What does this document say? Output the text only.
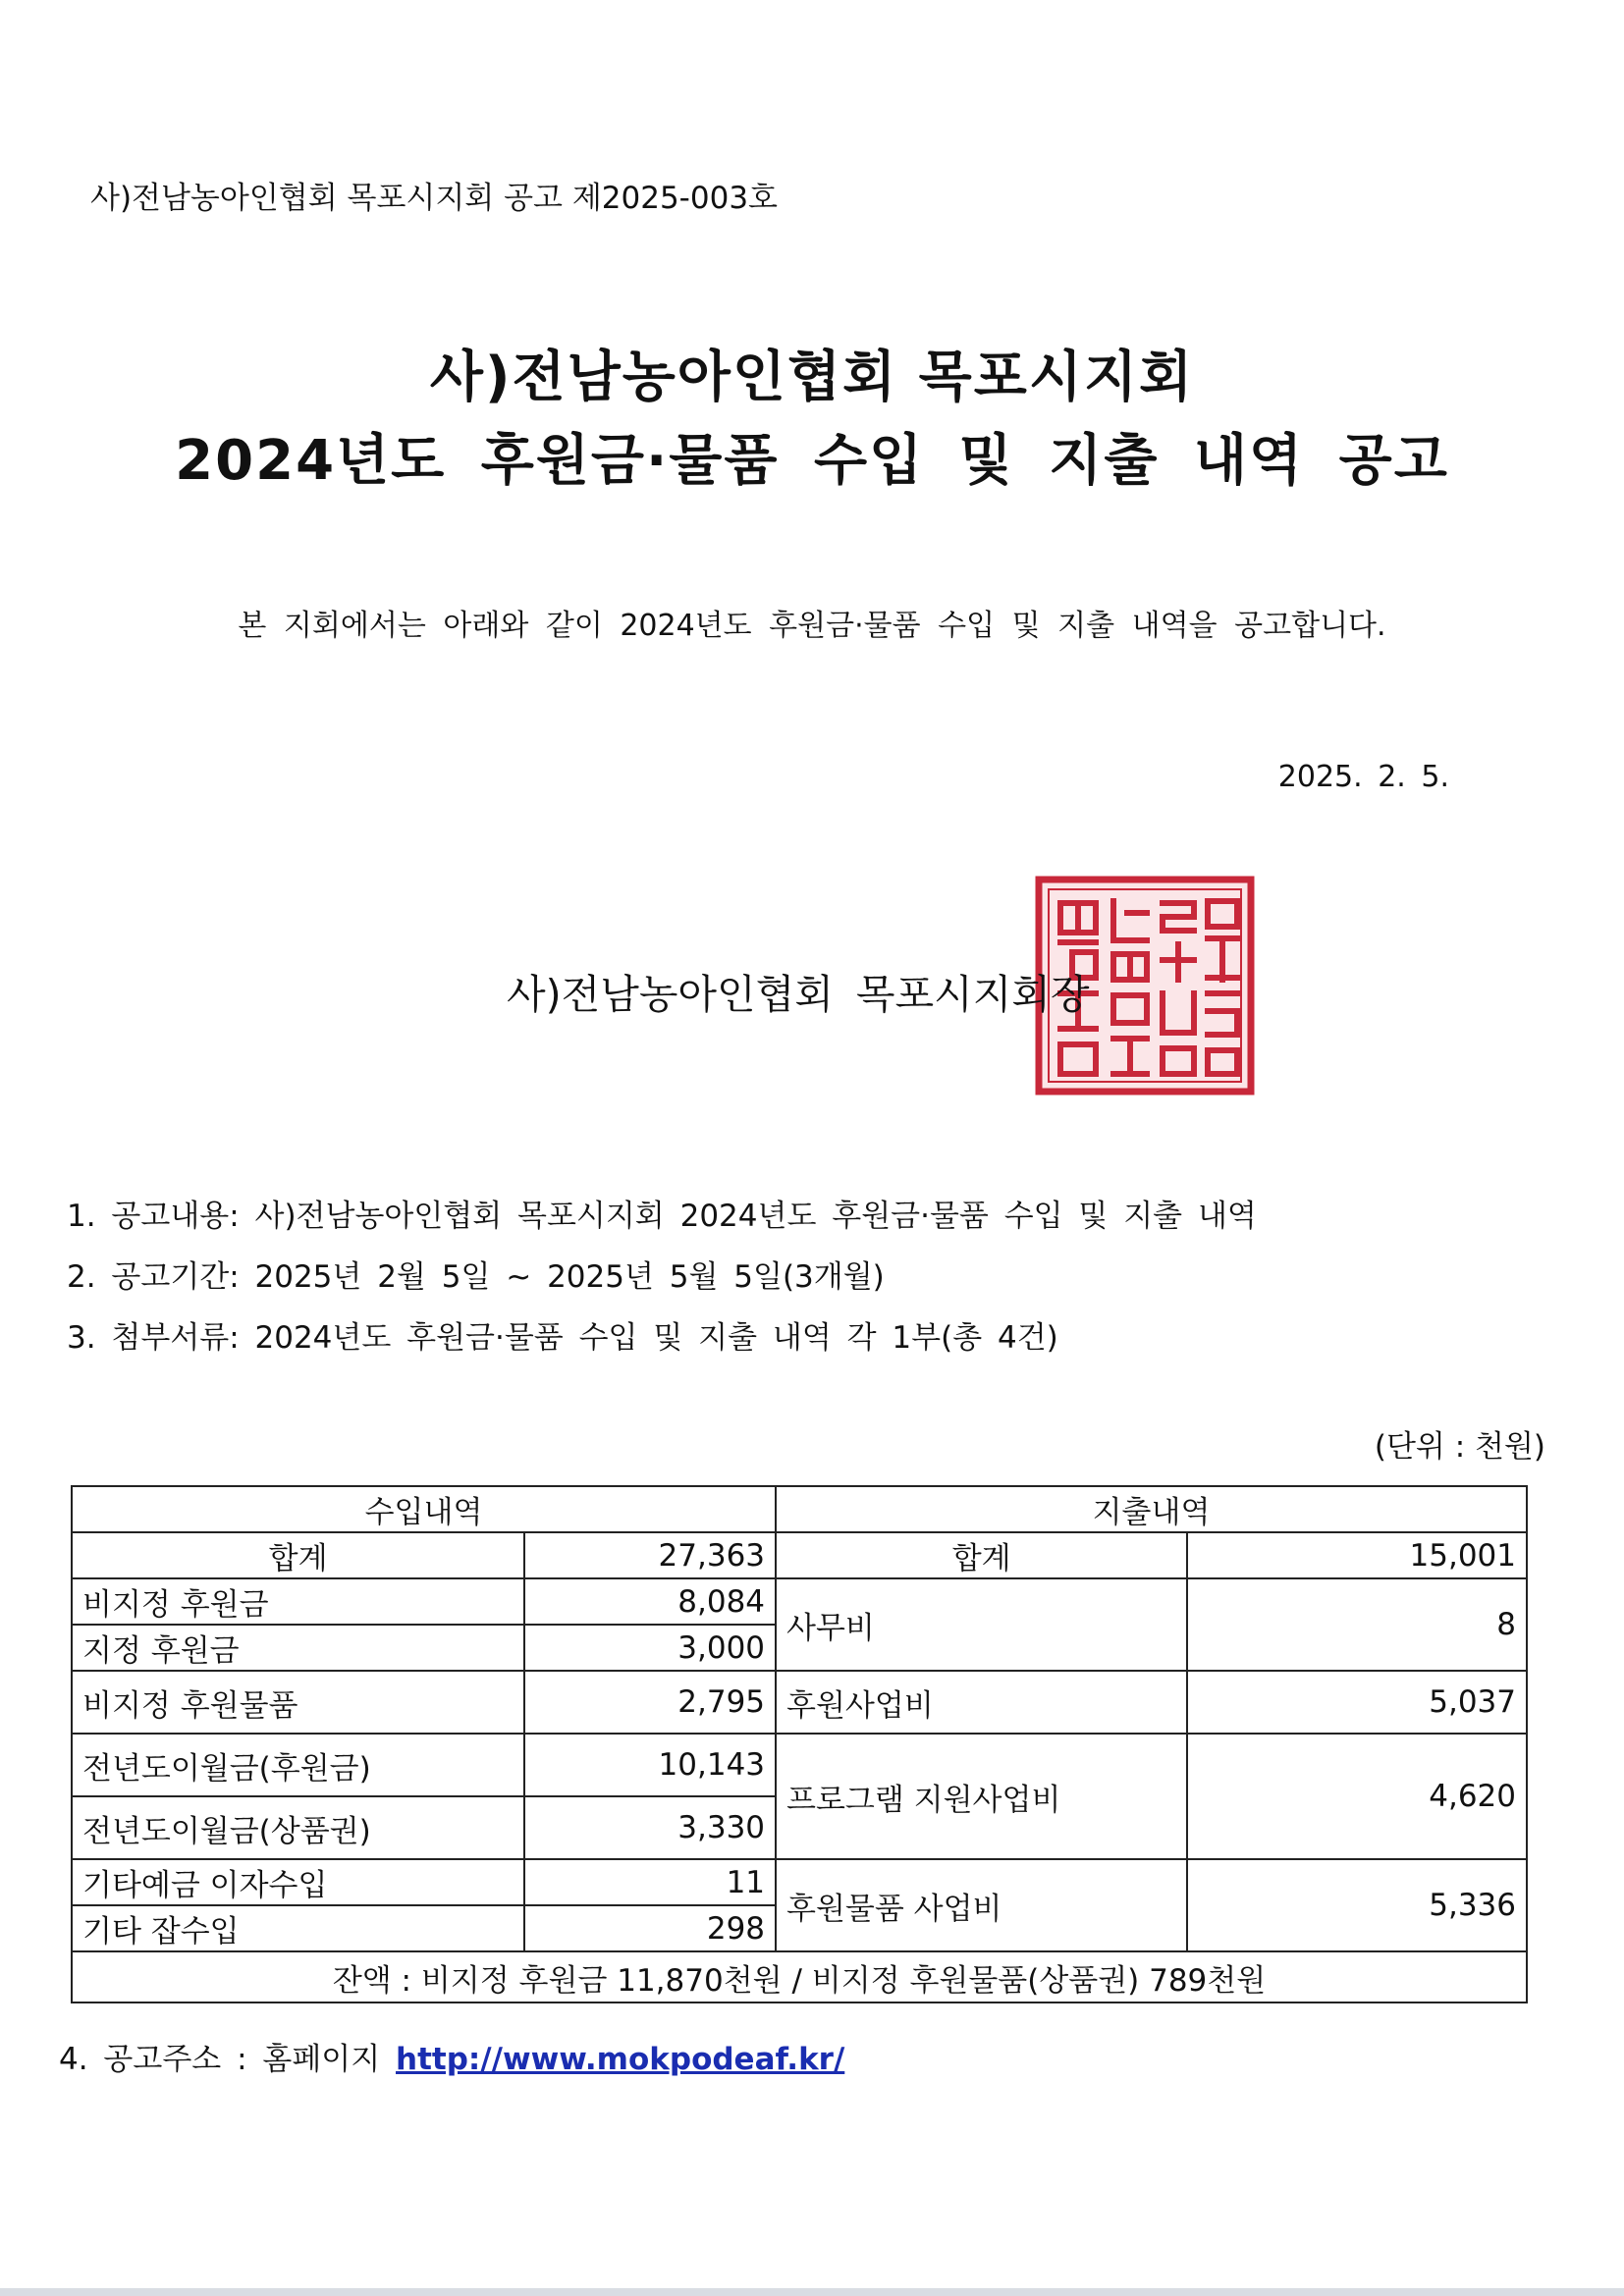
사)전남농아인협회 목포시지회 공고 제2025-003호
사)전남농아인협회 목포시지회
2024년도 후원금·물품 수입 및 지출 내역 공고
본 지회에서는 아래와 같이 2024년도 후원금·물품 수입 및 지출 내역을 공고합니다.
2025. 2. 5.
사)전남농아인협회 목포시지회장
1. 공고내용: 사)전남농아인협회 목포시지회 2024년도 후원금·물품 수입 및 지출 내역
2. 공고기간: 2025년 2월 5일 ~ 2025년 5월 5일(3개월)
3. 첨부서류: 2024년도 후원금·물품 수입 및 지출 내역 각 1부(총 4건)
(단위 : 천원)
수입내역		지출내역	
합계	27,363	합계	15,001
비지정 후원금	8,084	사무비	8
지정 후원금	3,000		
비지정 후원물품	2,795	후원사업비	5,037
전년도이월금(후원금)	10,143	프로그램 지원사업비	4,620
전년도이월금(상품권)	3,330		
기타예금 이자수입	11	후원물품 사업비	5,336
기타 잡수입	298		
잔액 : 비지정 후원금 11,870천원 / 비지정 후원물품(상품권) 789천원			
4. 공고주소 : 홈페이지 http://www.mokpodeaf.kr/
